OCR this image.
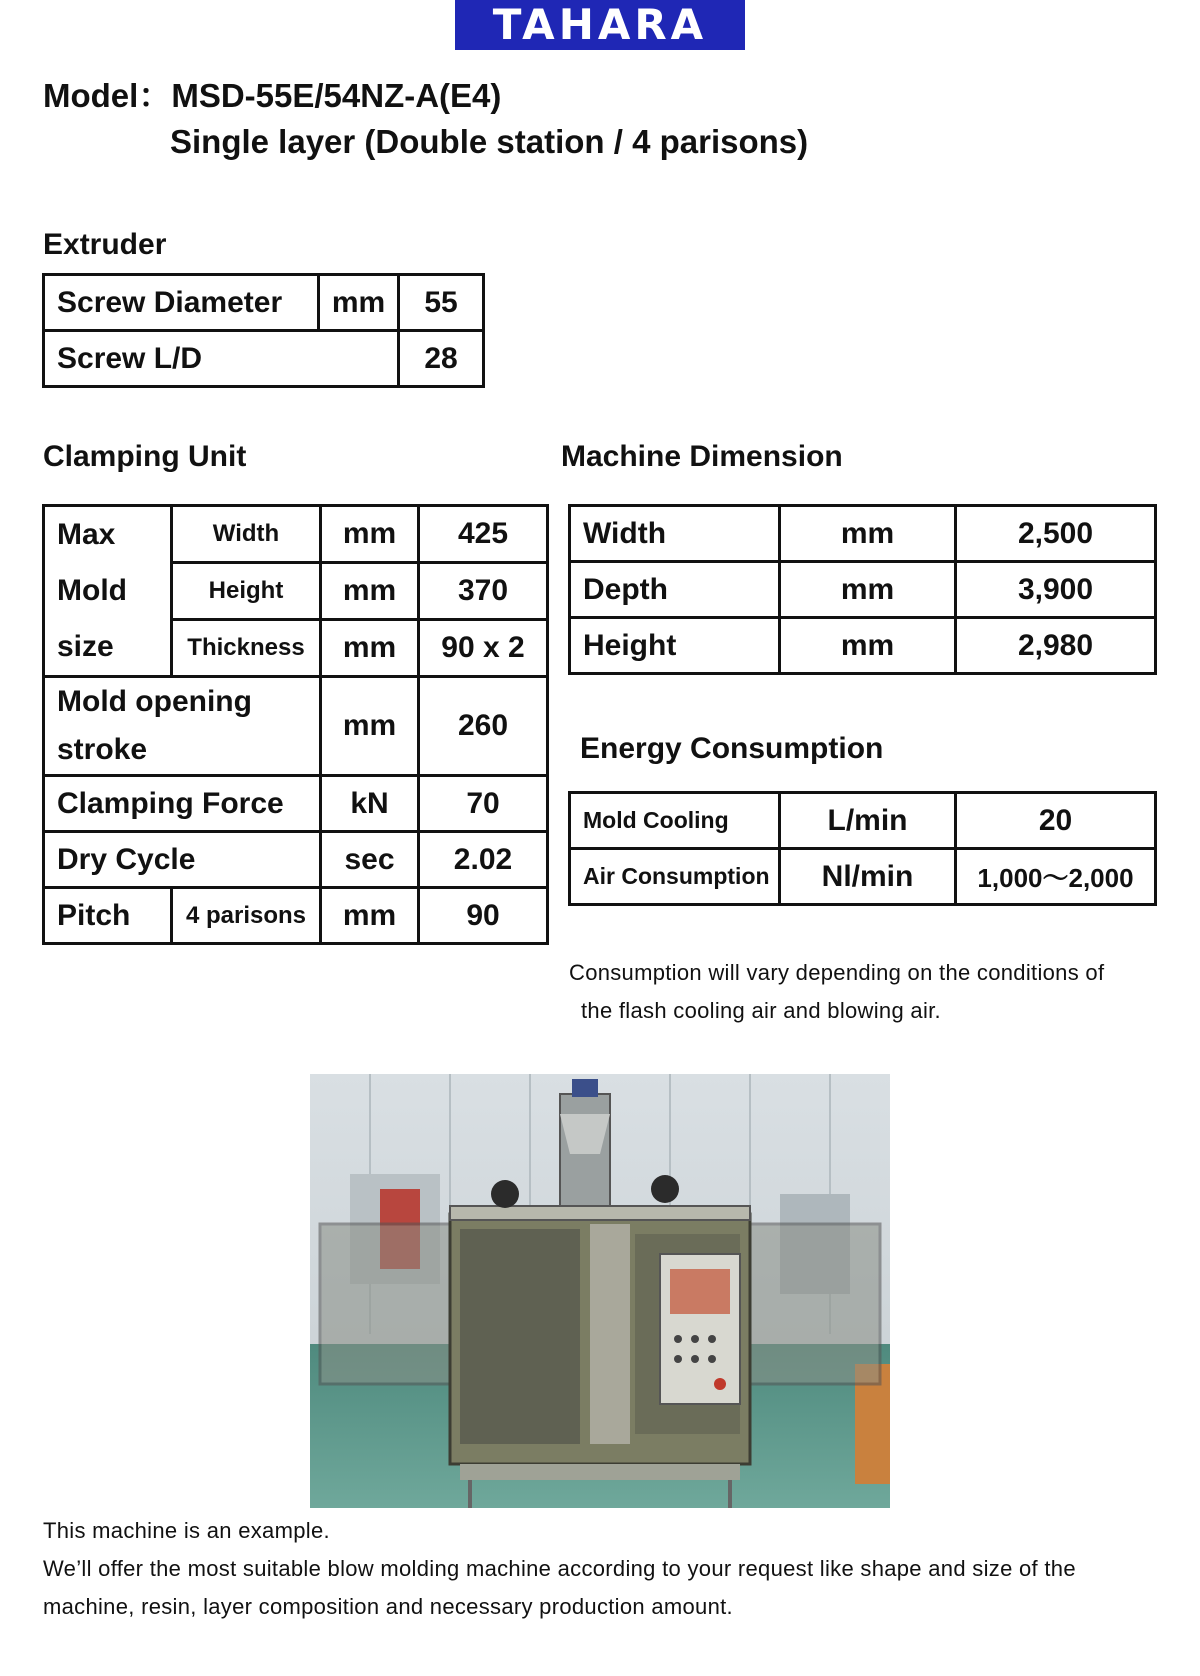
TAHARA
Model：MSD-55E/54NZ-A(E4)
Single layer (Double station / 4 parisons)
Extruder
Screw Diameter	mm	55
Screw L/D		28
Clamping Unit
Max
Mold
size	Width	mm	425
	Height	mm	370
	Thickness	mm	90 x 2
Mold opening
stroke		mm	260
Clamping Force		kN	70
Dry Cycle		sec	2.02
Pitch	4 parisons	mm	90
Machine Dimension
Width	mm	2,500
Depth	mm	3,900
Height	mm	2,980
Energy Consumption
Mold Cooling	L/min	20
Air Consumption	Nl/min	1,000～2,000
Consumption will vary depending on the conditions of
the flash cooling air and blowing air.
This machine is an example.
We’ll offer the most suitable blow molding machine according to your request like shape and size of the
machine, resin, layer composition and necessary production amount.
